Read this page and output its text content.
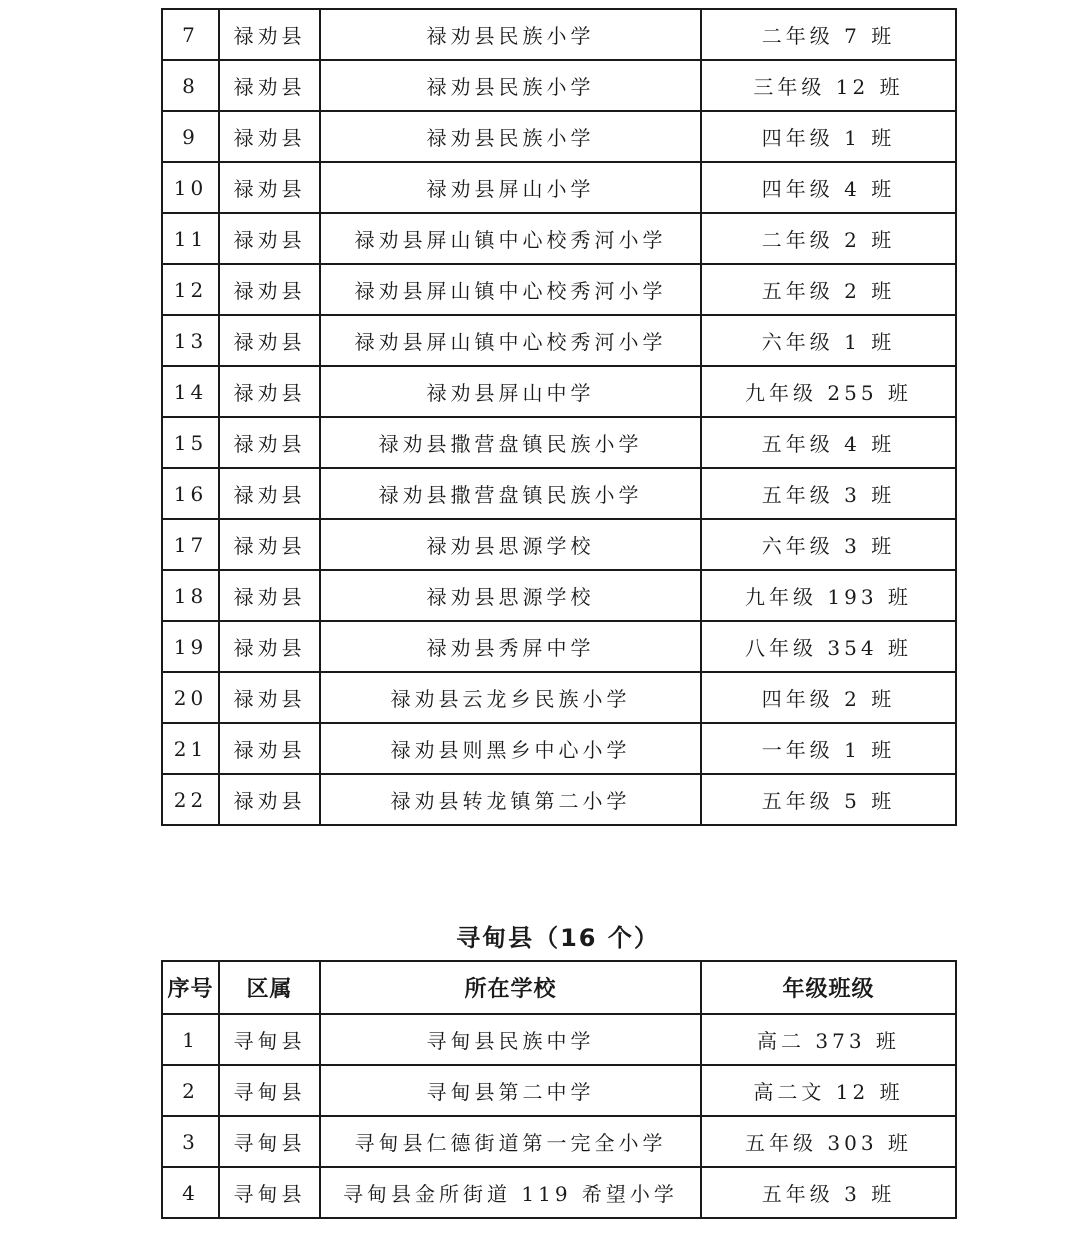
7	禄劝县	禄劝县民族小学	二年级 7 班
8	禄劝县	禄劝县民族小学	三年级 12 班
9	禄劝县	禄劝县民族小学	四年级 1 班
10	禄劝县	禄劝县屏山小学	四年级 4 班
11	禄劝县	禄劝县屏山镇中心校秀河小学	二年级 2 班
12	禄劝县	禄劝县屏山镇中心校秀河小学	五年级 2 班
13	禄劝县	禄劝县屏山镇中心校秀河小学	六年级 1 班
14	禄劝县	禄劝县屏山中学	九年级 255 班
15	禄劝县	禄劝县撒营盘镇民族小学	五年级 4 班
16	禄劝县	禄劝县撒营盘镇民族小学	五年级 3 班
17	禄劝县	禄劝县思源学校	六年级 3 班
18	禄劝县	禄劝县思源学校	九年级 193 班
19	禄劝县	禄劝县秀屏中学	八年级 354 班
20	禄劝县	禄劝县云龙乡民族小学	四年级 2 班
21	禄劝县	禄劝县则黑乡中心小学	一年级 1 班
22	禄劝县	禄劝县转龙镇第二小学	五年级 5 班
寻甸县（16 个）
序号	区属	所在学校	年级班级
1	寻甸县	寻甸县民族中学	高二 373 班
2	寻甸县	寻甸县第二中学	高二文 12 班
3	寻甸县	寻甸县仁德街道第一完全小学	五年级 303 班
4	寻甸县	寻甸县金所街道 119 希望小学	五年级 3 班
